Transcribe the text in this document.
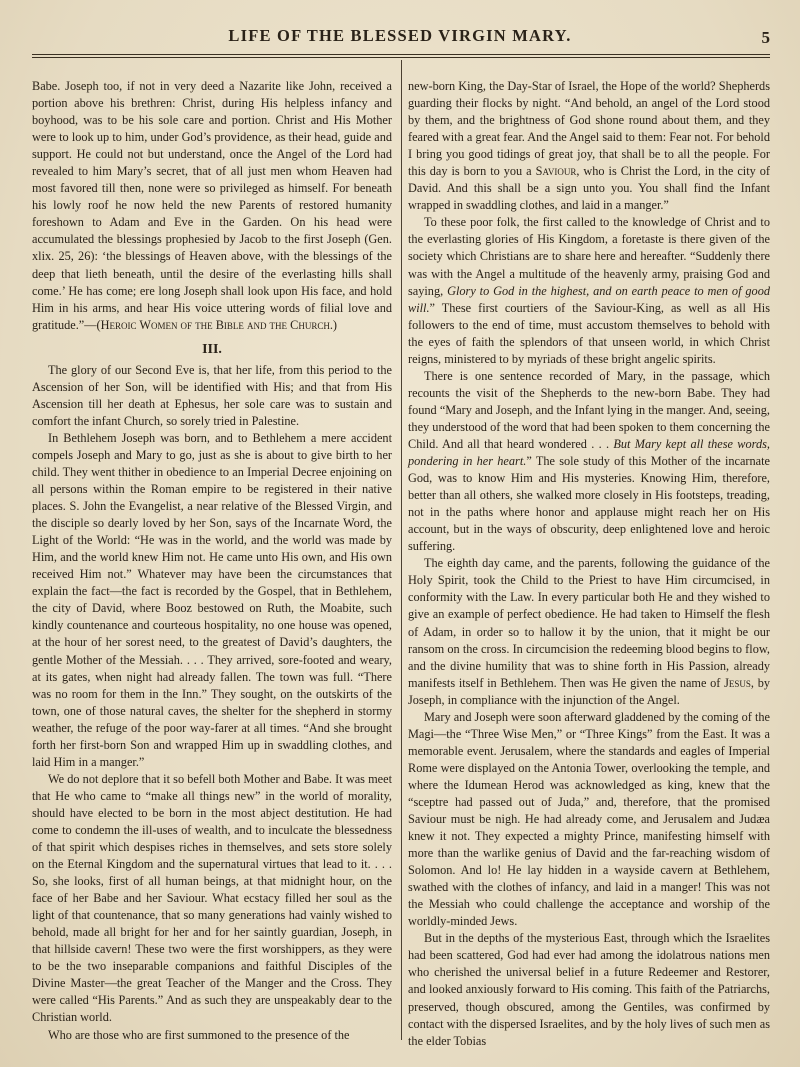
LIFE OF THE BLESSED VIRGIN MARY.	5

Babe. Joseph too, if not in very deed a Nazarite like John, received a portion above his brethren: Christ, during His helpless infancy and boyhood, was to be his sole care and portion. Christ and His Mother were to look up to him, under God’s providence, as their head, guide and support. He could not but understand, once the Angel of the Lord had revealed to him Mary’s secret, that of all just men whom Heaven had most favored till then, none were so privileged as himself. For beneath his lowly roof he now held the new Parents of restored humanity foreshown to Adam and Eve in the Garden. On his head were accumulated the blessings prophesied by Jacob to the first Joseph (Gen. xlix. 25, 26): ‘the blessings of Heaven above, with the blessings of the deep that lieth beneath, until the desire of the everlasting hills shall come.’ He has come; ere long Joseph shall look upon His face, and hold Him in his arms, and hear His voice uttering words of filial love and gratitude.”—(Heroic Women of the Bible and the Church.)

III.

The glory of our Second Eve is, that her life, from this period to the Ascension of her Son, will be identified with His; and that from His Ascension till her death at Ephesus, her sole care was to sustain and comfort the infant Church, so sorely tried in Palestine.

In Bethlehem Joseph was born, and to Bethlehem a mere accident compels Joseph and Mary to go, just as she is about to give birth to her child. They went thither in obedience to an Imperial Decree enjoining on all persons within the Roman empire to be registered in their native places. S. John the Evangelist, a near relative of the Blessed Virgin, and the disciple so dearly loved by her Son, says of the Incarnate Word, the Light of the World: “He was in the world, and the world was made by Him, and the world knew Him not. He came unto His own, and His own received Him not.” Whatever may have been the circumstances that explain the fact—the fact is recorded by the Gospel, that in Bethlehem, the city of David, where Booz bestowed on Ruth, the Moabite, such kindly countenance and courteous hospitality, no one house was opened, at the hour of her sorest need, to the greatest of David’s daughters, the gentle Mother of the Messiah. . . . They arrived, sore-footed and weary, at its gates, when night had already fallen. The town was full. “There was no room for them in the Inn.” They sought, on the outskirts of the town, one of those natural caves, the shelter for the shepherd in stormy weather, the refuge of the poor way-farer at all times. “And she brought forth her first-born Son and wrapped Him up in swaddling clothes, and laid Him in a manger.”

We do not deplore that it so befell both Mother and Babe. It was meet that He who came to “make all things new” in the world of morality, should have elected to be born in the most abject destitution. He had come to condemn the ill-uses of wealth, and to inculcate the blessedness of that spirit which despises riches in themselves, and sets store solely on the Eternal Kingdom and the supernatural virtues that lead to it. . . . So, she looks, first of all human beings, at that midnight hour, on the face of her Babe and her Saviour. What ecstacy filled her soul as the light of that countenance, that so many generations had vainly wished to behold, made all bright for her and for her saintly guardian, Joseph, in that hillside cavern! These two were the first worshippers, as they were to be the two inseparable companions and faithful Disciples of the Divine Master—the great Teacher of the Manger and the Cross. They were called “His Parents.” And as such they are unspeakably dear to the Christian world.

Who are those who are first summoned to the presence of the

new-born King, the Day-Star of Israel, the Hope of the world? Shepherds guarding their flocks by night. “And behold, an angel of the Lord stood by them, and the brightness of God shone round about them, and they feared with a great fear. And the Angel said to them: Fear not. For behold I bring you good tidings of great joy, that shall be to all the people. For this day is born to you a Saviour, who is Christ the Lord, in the city of David. And this shall be a sign unto you. You shall find the Infant wrapped in swaddling clothes, and laid in a manger.”

To these poor folk, the first called to the knowledge of Christ and to the everlasting glories of His Kingdom, a foretaste is there given of the society which Christians are to share here and hereafter. “Suddenly there was with the Angel a multitude of the heavenly army, praising God and saying, Glory to God in the highest, and on earth peace to men of good will.” These first courtiers of the Saviour-King, as well as all His followers to the end of time, must accustom themselves to behold with the eyes of faith the splendors of that unseen world, in which Christ reigns, ministered to by myriads of these bright angelic spirits.

There is one sentence recorded of Mary, in the passage, which recounts the visit of the Shepherds to the new-born Babe. They had found “Mary and Joseph, and the Infant lying in the manger. And, seeing, they understood of the word that had been spoken to them concerning the Child. And all that heard wondered . . . But Mary kept all these words, pondering in her heart.” The sole study of this Mother of the incarnate God, was to know Him and His mysteries. Knowing Him, therefore, better than all others, she walked more closely in His footsteps, treading, not in the paths where honor and applause might reach her on His account, but in the ways of obscurity, deep enlightened love and heroic suffering.

The eighth day came, and the parents, following the guidance of the Holy Spirit, took the Child to the Priest to have Him circumcised, in conformity with the Law. In every particular both He and they wished to give an example of perfect obedience. He had taken to Himself the flesh of Adam, in order so to hallow it by the union, that it might be our ransom on the cross. In circumcision the redeeming blood begins to flow, and the divine humility that was to shine forth in His Passion, already manifests itself in Bethlehem. Then was He given the name of Jesus, by Joseph, in compliance with the injunction of the Angel.

Mary and Joseph were soon afterward gladdened by the coming of the Magi—the “Three Wise Men,” or “Three Kings” from the East. It was a memorable event. Jerusalem, where the standards and eagles of Imperial Rome were displayed on the Antonia Tower, overlooking the temple, and where the Idumean Herod was acknowledged as king, knew that the “sceptre had passed out of Juda,” and, therefore, that the promised Saviour must be nigh. He had already come, and Jerusalem and Judæa knew it not. They expected a mighty Prince, manifesting himself with more than the warlike genius of David and the far-reaching wisdom of Solomon. And lo! He lay hidden in a wayside cavern at Bethlehem, swathed with the clothes of infancy, and laid in a manger! This was not the Messiah who could challenge the acceptance and worship of the worldly-minded Jews.

But in the depths of the mysterious East, through which the Israelites had been scattered, God had ever had among the idolatrous nations men who cherished the universal belief in a future Redeemer and Restorer, and looked anxiously forward to His coming. This faith of the Patriarchs, preserved, though obscured, among the Gentiles, was confirmed by contact with the dispersed Israelites, and by the holy lives of such men as the elder Tobias
